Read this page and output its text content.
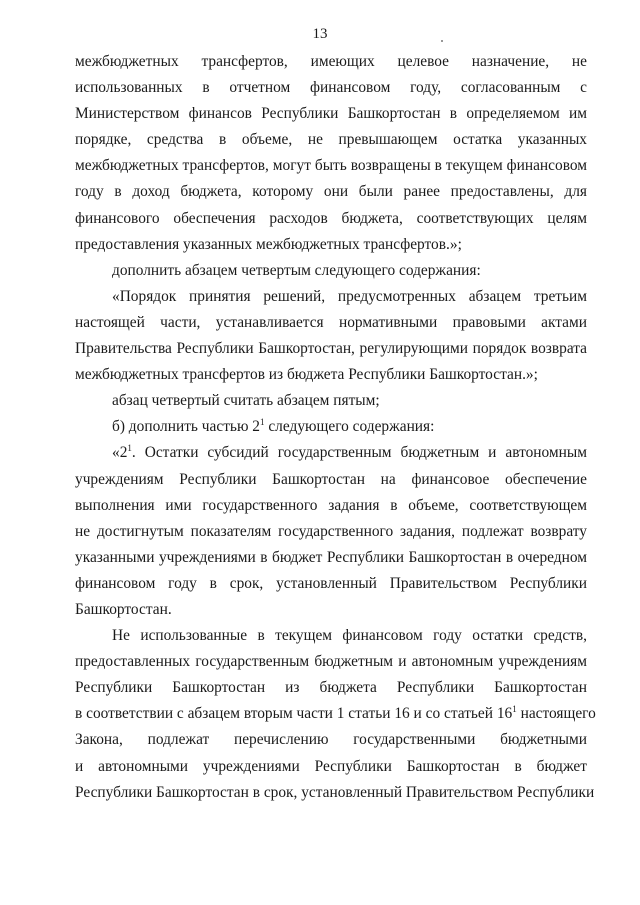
13
межбюджетных трансфертов, имеющих целевое назначение, не
использованных в отчетном финансовом году, согласованным с
Министерством финансов Республики Башкортостан в определяемом им
порядке, средства в объеме, не превышающем остатка указанных
межбюджетных трансфертов, могут быть возвращены в текущем финансовом
году в доход бюджета, которому они были ранее предоставлены, для
финансового обеспечения расходов бюджета, соответствующих целям
предоставления указанных межбюджетных трансфертов.»;
дополнить абзацем четвертым следующего содержания:
«Порядок принятия решений, предусмотренных абзацем третьим
настоящей части, устанавливается нормативными правовыми актами
Правительства Республики Башкортостан, регулирующими порядок возврата
межбюджетных трансфертов из бюджета Республики Башкортостан.»;
абзац четвертый считать абзацем пятым;
б) дополнить частью $2^1$ следующего содержания:
«$2^1$. Остатки субсидий государственным бюджетным и автономным
учреждениям Республики Башкортостан на финансовое обеспечение
выполнения ими государственного задания в объеме, соответствующем
не достигнутым показателям государственного задания, подлежат возврату
указанными учреждениями в бюджет Республики Башкортостан в очередном
финансовом году в срок, установленный Правительством Республики
Башкортостан.
Не использованные в текущем финансовом году остатки средств,
предоставленных государственным бюджетным и автономным учреждениям
Республики Башкортостан из бюджета Республики Башкортостан
в соответствии с абзацем вторым части 1 статьи 16 и со статьей $16^1$ настоящего
Закона, подлежат перечислению государственными бюджетными
и автономными учреждениями Республики Башкортостан в бюджет
Республики Башкортостан в срок, установленный Правительством Республики
